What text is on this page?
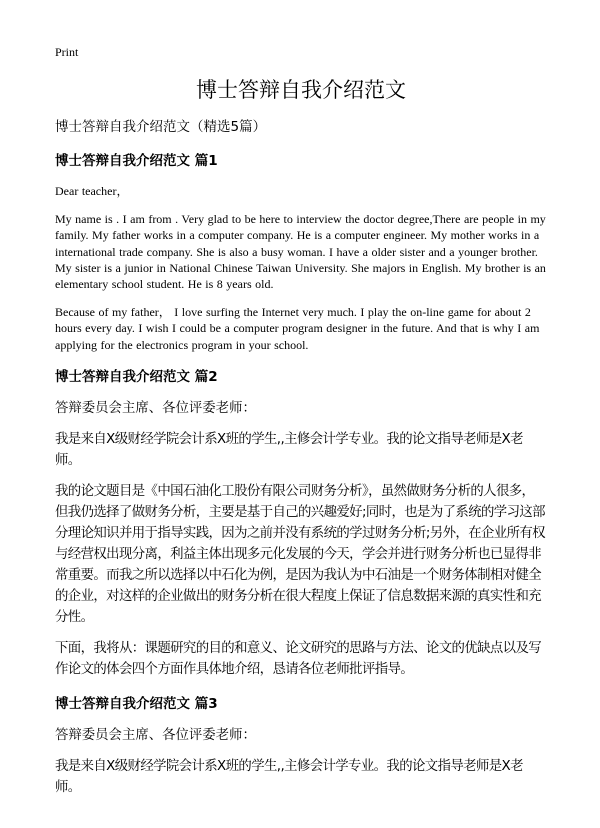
Print

博士答辩自我介绍范文

博士答辩自我介绍范文（精选5篇）

博士答辩自我介绍范文 篇1

Dear teacher，

My name is . I am from . Very glad to be here to interview the doctor degree,There are people in my family. My father works in a computer company. He is a computer engineer. My mother works in a international trade company. She is also a busy woman. I have a older sister and a younger brother. My sister is a junior in National Chinese Taiwan University. She majors in English. My brother is an elementary school student. He is 8 years old.

Because of my father， I love surfing the Internet very much. I play the on-line game for about 2 hours every day. I wish I could be a computer program designer in the future. And that is why I am applying for the electronics program in your school.

博士答辩自我介绍范文 篇2

答辩委员会主席、各位评委老师：

我是来自X级财经学院会计系X班的学生,,主修会计学专业。我的论文指导老师是X老师。

我的论文题目是《中国石油化工股份有限公司财务分析》，虽然做财务分析的人很多，但我仍选择了做财务分析，主要是基于自己的兴趣爱好;同时，也是为了系统的学习这部分理论知识并用于指导实践，因为之前并没有系统的学过财务分析;另外，在企业所有权与经营权出现分离，利益主体出现多元化发展的今天，学会并进行财务分析也已显得非常重要。而我之所以选择以中石化为例，是因为我认为中石油是一个财务体制相对健全的企业，对这样的企业做出的财务分析在很大程度上保证了信息数据来源的真实性和充分性。

下面，我将从：课题研究的目的和意义、论文研究的思路与方法、论文的优缺点以及写作论文的体会四个方面作具体地介绍，恳请各位老师批评指导。

博士答辩自我介绍范文 篇3

答辩委员会主席、各位评委老师：

我是来自X级财经学院会计系X班的学生,,主修会计学专业。我的论文指导老师是X老师。
